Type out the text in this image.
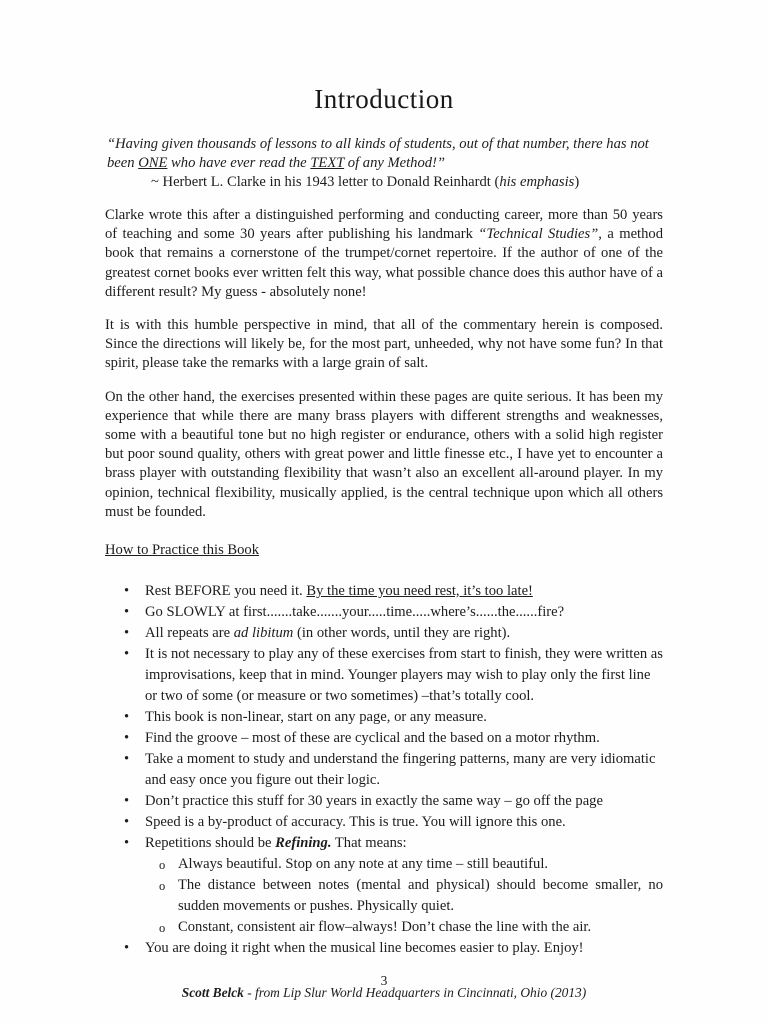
Introduction
“Having given thousands of lessons to all kinds of students, out of that number, there has not been ONE who have ever read the TEXT of any Method!”
~ Herbert L. Clarke in his 1943 letter to Donald Reinhardt (his emphasis)

Clarke wrote this after a distinguished performing and conducting career, more than 50 years of teaching and some 30 years after publishing his landmark “Technical Studies”, a method book that remains a cornerstone of the trumpet/cornet repertoire. If the author of one of the greatest cornet books ever written felt this way, what possible chance does this author have of a different result? My guess - absolutely none!

It is with this humble perspective in mind, that all of the commentary herein is composed. Since the directions will likely be, for the most part, unheeded, why not have some fun? In that spirit, please take the remarks with a large grain of salt.

On the other hand, the exercises presented within these pages are quite serious. It has been my experience that while there are many brass players with different strengths and weaknesses, some with a beautiful tone but no high register or endurance, others with a solid high register but poor sound quality, others with great power and little finesse etc., I have yet to encounter a brass player with outstanding flexibility that wasn’t also an excellent all-around player. In my opinion, technical flexibility, musically applied, is the central technique upon which all others must be founded.

How to Practice this Book
• Rest BEFORE you need it. By the time you need rest, it’s too late!
• Go SLOWLY at first.......take.......your.....time.....where’s......the......fire?
• All repeats are ad libitum (in other words, until they are right).
• It is not necessary to play any of these exercises from start to finish, they were written as improvisations, keep that in mind. Younger players may wish to play only the first line or two of some (or measure or two sometimes) –that’s totally cool.
• This book is non-linear, start on any page, or any measure.
• Find the groove – most of these are cyclical and the based on a motor rhythm.
• Take a moment to study and understand the fingering patterns, many are very idiomatic and easy once you figure out their logic.
• Don’t practice this stuff for 30 years in exactly the same way – go off the page
• Speed is a by-product of accuracy. This is true. You will ignore this one.
• Repetitions should be Refining. That means:
o Always beautiful. Stop on any note at any time – still beautiful.
o The distance between notes (mental and physical) should become smaller, no sudden movements or pushes. Physically quiet.
o Constant, consistent air flow–always! Don’t chase the line with the air.
• You are doing it right when the musical line becomes easier to play. Enjoy!
Scott Belck - from Lip Slur World Headquarters in Cincinnati, Ohio (2013)
3
